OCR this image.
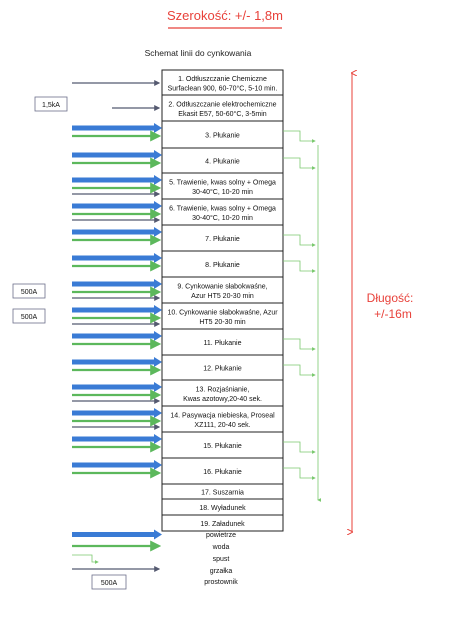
Szerokość: +/- 1,8m
Schemat linii do cynkowania
Długość:
+/-16m
1. Odtłuszczanie Chemiczne
Surfaclean 900, 60-70°C, 5-10 min.
2. Odtłuszczanie elektrochemiczne
Ekasit E57, 50-60°C, 3-5min
3. Płukanie
4. Płukanie
5. Trawienie, kwas solny + Omega
30-40°C, 10-20 min
6. Trawienie, kwas solny + Omega
30-40°C, 10-20 min
7. Płukanie
8. Płukanie
9. Cynkowanie słabokwaśne,
Azur HT5 20-30 min
10. Cynkowanie słabokwaśne, Azur
HT5 20-30 min
11. Płukanie
12. Płukanie
13. Rozjaśnianie,
Kwas azotowy,20-40 sek.
14. Pasywacja niebieska, Proseal
XZ111, 20-40 sek.
15. Płukanie
16. Płukanie
17. Suszarnia
18. Wyładunek
19. Załadunek
1,5kA
500A
500A
powietrze
woda
spust
grzałka
prostownik
500A
